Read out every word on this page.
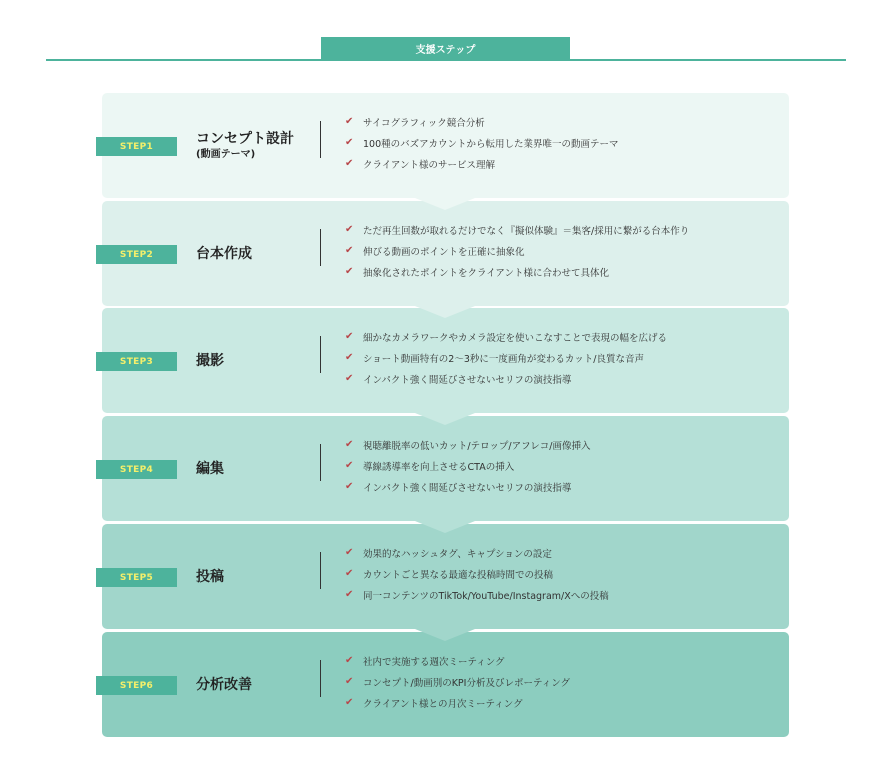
支援ステップ
STEP1	コンセプト設計
(動画テーマ)
✔	サイコグラフィック競合分析
✔	100種のバズアカウントから転用した業界唯一の動画テーマ
✔	クライアント様のサービス理解
STEP2	台本作成
✔	ただ再生回数が取れるだけでなく『擬似体験』＝集客/採用に繋がる台本作り
✔	伸びる動画のポイントを正確に抽象化
✔	抽象化されたポイントをクライアント様に合わせて具体化
STEP3	撮影
✔	細かなカメラワークやカメラ設定を使いこなすことで表現の幅を広げる
✔	ショート動画特有の2〜3秒に一度画角が変わるカット/良質な音声
✔	インパクト強く間延びさせないセリフの演技指導
STEP4	編集
✔	視聴離脱率の低いカット/テロップ/アフレコ/画像挿入
✔	導線誘導率を向上させるCTAの挿入
✔	インパクト強く間延びさせないセリフの演技指導
STEP5	投稿
✔	効果的なハッシュタグ、キャプションの設定
✔	カウントごと異なる最適な投稿時間での投稿
✔	同一コンテンツのTikTok/YouTube/Instagram/Xへの投稿
STEP6	分析改善
✔	社内で実施する週次ミーティング
✔	コンセプト/動画別のKPI分析及びレポーティング
✔	クライアント様との月次ミーティング
